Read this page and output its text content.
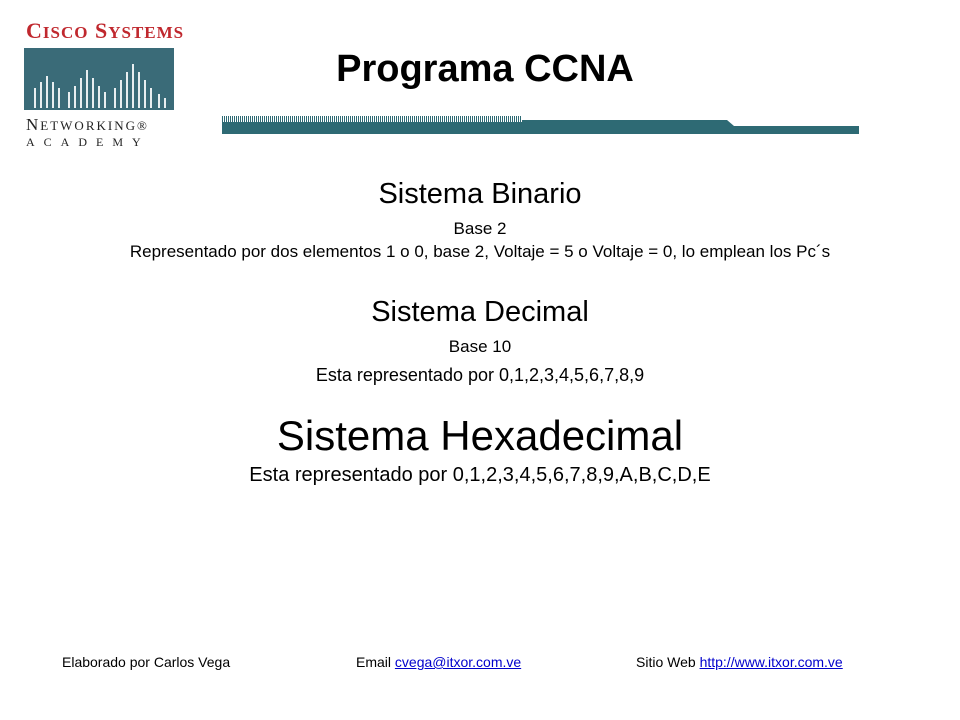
CISCO SYSTEMS
NETWORKING®
ACADEMY
Programa CCNA

Sistema Binario

Base 2

Representado por dos elementos 1 o 0, base 2, Voltaje = 5 o Voltaje = 0, lo emplean los Pc´s

Sistema Decimal

Base 10

Esta representado por 0,1,2,3,4,5,6,7,8,9

Sistema Hexadecimal

Esta representado por 0,1,2,3,4,5,6,7,8,9,A,B,C,D,E

Elaborado por Carlos Vega	Email cvega@itxor.com.ve	Sitio Web http://www.itxor.com.ve
